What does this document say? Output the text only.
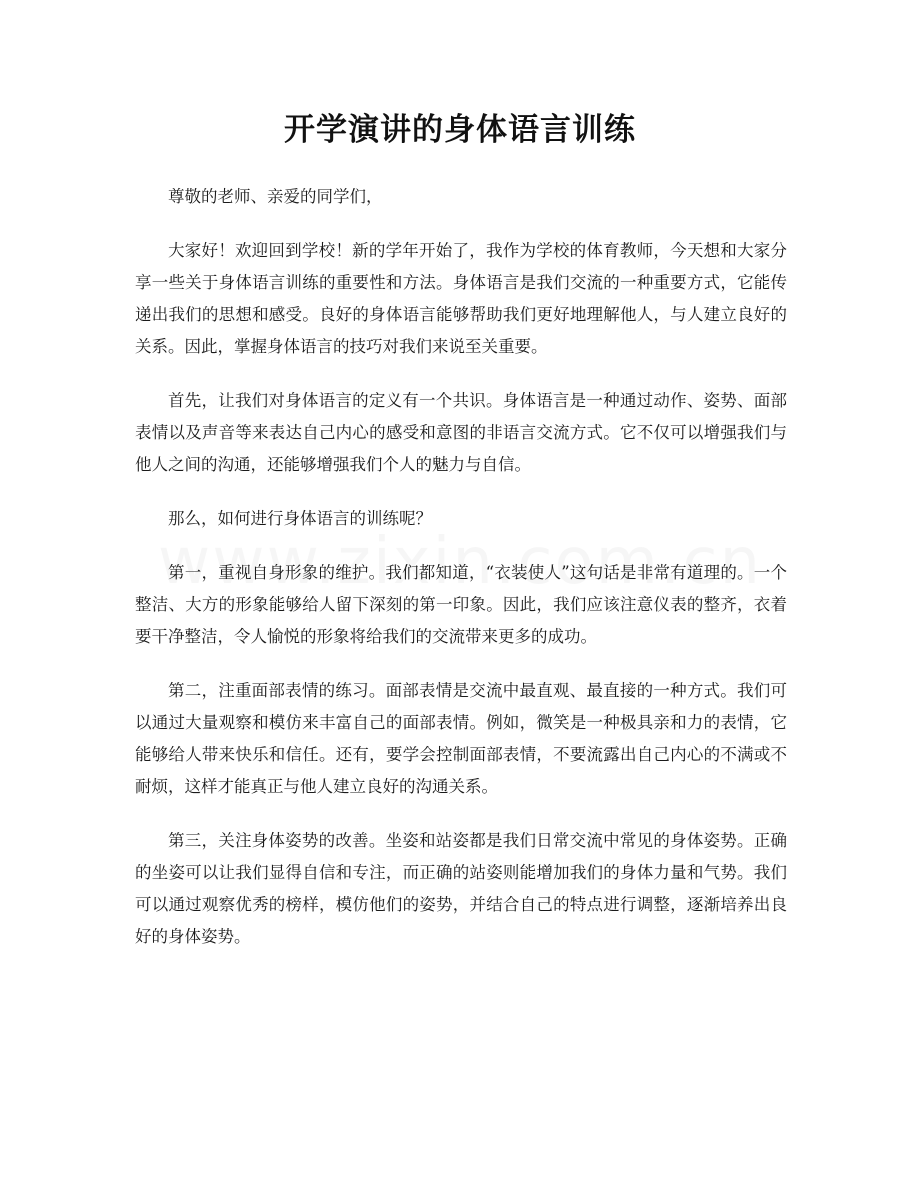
开学演讲的身体语言训练

尊敬的老师、亲爱的同学们，

大家好！欢迎回到学校！新的学年开始了，我作为学校的体育教师，今天想和大家分享一些关于身体语言训练的重要性和方法。身体语言是我们交流的一种重要方式，它能传递出我们的思想和感受。良好的身体语言能够帮助我们更好地理解他人，与人建立良好的关系。因此，掌握身体语言的技巧对我们来说至关重要。

首先，让我们对身体语言的定义有一个共识。身体语言是一种通过动作、姿势、面部表情以及声音等来表达自己内心的感受和意图的非语言交流方式。它不仅可以增强我们与他人之间的沟通，还能够增强我们个人的魅力与自信。

那么，如何进行身体语言的训练呢？

第一，重视自身形象的维护。我们都知道，“衣装使人”这句话是非常有道理的。一个整洁、大方的形象能够给人留下深刻的第一印象。因此，我们应该注意仪表的整齐，衣着要干净整洁，令人愉悦的形象将给我们的交流带来更多的成功。

第二，注重面部表情的练习。面部表情是交流中最直观、最直接的一种方式。我们可以通过大量观察和模仿来丰富自己的面部表情。例如，微笑是一种极具亲和力的表情，它能够给人带来快乐和信任。还有，要学会控制面部表情，不要流露出自己内心的不满或不耐烦，这样才能真正与他人建立良好的沟通关系。

第三，关注身体姿势的改善。坐姿和站姿都是我们日常交流中常见的身体姿势。正确的坐姿可以让我们显得自信和专注，而正确的站姿则能增加我们的身体力量和气势。我们可以通过观察优秀的榜样，模仿他们的姿势，并结合自己的特点进行调整，逐渐培养出良好的身体姿势。
